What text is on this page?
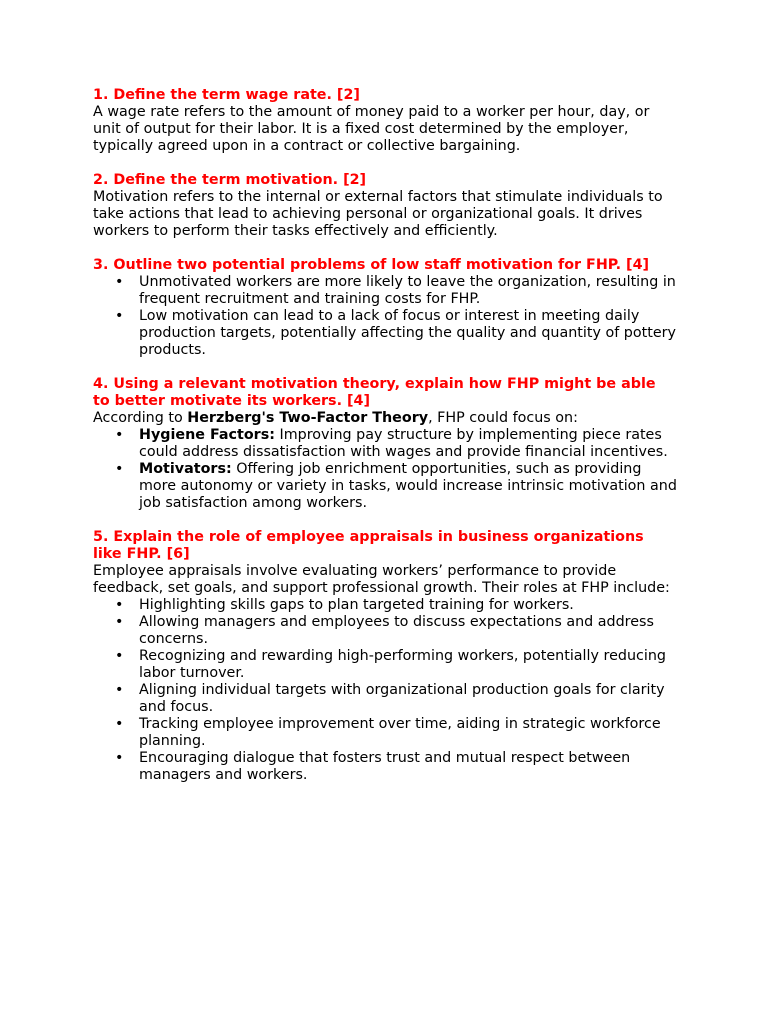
1. Define the term wage rate. [2]

A wage rate refers to the amount of money paid to a worker per hour, day, or unit of output for their labor. It is a fixed cost determined by the employer, typically agreed upon in a contract or collective bargaining.

2. Define the term motivation. [2]

Motivation refers to the internal or external factors that stimulate individuals to take actions that lead to achieving personal or organizational goals. It drives workers to perform their tasks effectively and efficiently.

3. Outline two potential problems of low staff motivation for FHP. [4]

• Unmotivated workers are more likely to leave the organization, resulting in frequent recruitment and training costs for FHP.
• Low motivation can lead to a lack of focus or interest in meeting daily production targets, potentially affecting the quality and quantity of pottery products.

4. Using a relevant motivation theory, explain how FHP might be able to better motivate its workers. [4]

According to Herzberg's Two-Factor Theory, FHP could focus on:

• Hygiene Factors: Improving pay structure by implementing piece rates could address dissatisfaction with wages and provide financial incentives.
• Motivators: Offering job enrichment opportunities, such as providing more autonomy or variety in tasks, would increase intrinsic motivation and job satisfaction among workers.

5. Explain the role of employee appraisals in business organizations like FHP. [6]

Employee appraisals involve evaluating workers’ performance to provide feedback, set goals, and support professional growth. Their roles at FHP include:

• Highlighting skills gaps to plan targeted training for workers.
• Allowing managers and employees to discuss expectations and address concerns.
• Recognizing and rewarding high-performing workers, potentially reducing labor turnover.
• Aligning individual targets with organizational production goals for clarity and focus.
• Tracking employee improvement over time, aiding in strategic workforce planning.
• Encouraging dialogue that fosters trust and mutual respect between managers and workers.
